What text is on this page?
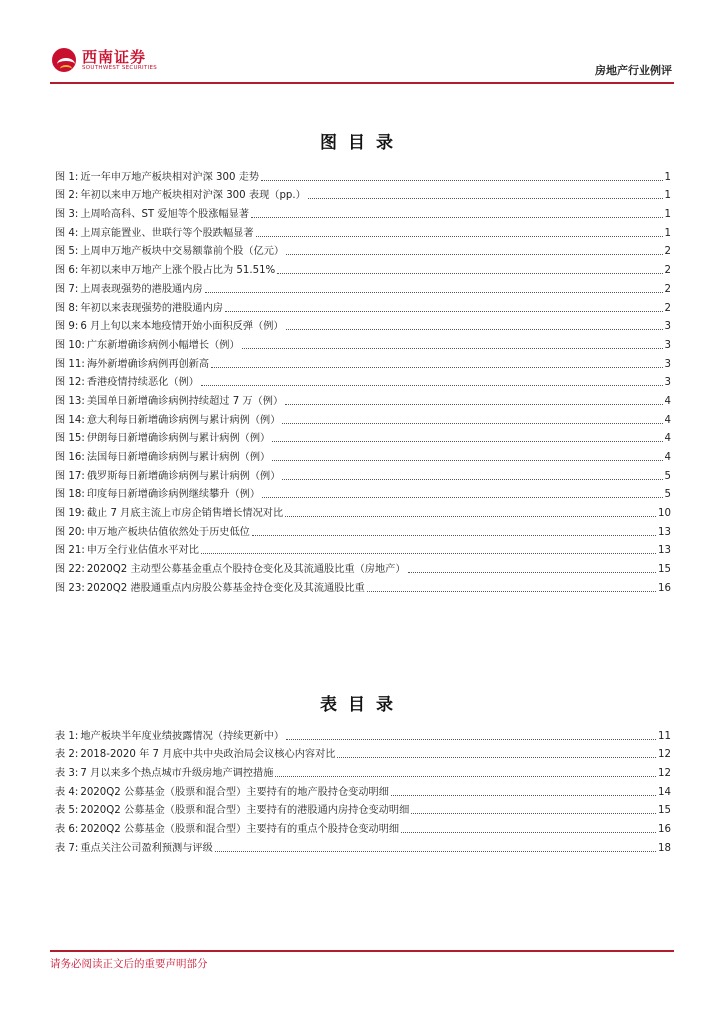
西南证券
SOUTHWEST SECURITIES	房地产行业例评
图目录
图 1: 近一年申万地产板块相对沪深 300 走势	1
图 2: 年初以来申万地产板块相对沪深 300 表现（pp.）	1
图 3: 上周哈高科、ST 爱旭等个股涨幅显著	1
图 4: 上周京能置业、世联行等个股跌幅显著	1
图 5: 上周申万地产板块中交易额靠前个股（亿元）	2
图 6: 年初以来申万地产上涨个股占比为 51.51%	2
图 7: 上周表现强势的港股通内房	2
图 8: 年初以来表现强势的港股通内房	2
图 9: 6 月上旬以来本地疫情开始小面积反弹（例）	3
图 10: 广东新增确诊病例小幅增长（例）	3
图 11: 海外新增确诊病例再创新高	3
图 12: 香港疫情持续恶化（例）	3
图 13: 美国单日新增确诊病例持续超过 7 万（例）	4
图 14: 意大利每日新增确诊病例与累计病例（例）	4
图 15: 伊朗每日新增确诊病例与累计病例（例）	4
图 16: 法国每日新增确诊病例与累计病例（例）	4
图 17: 俄罗斯每日新增确诊病例与累计病例（例）	5
图 18: 印度每日新增确诊病例继续攀升（例）	5
图 19: 截止 7 月底主流上市房企销售增长情况对比	10
图 20: 申万地产板块估值依然处于历史低位	13
图 21: 申万全行业估值水平对比	13
图 22: 2020Q2 主动型公募基金重点个股持仓变化及其流通股比重（房地产）	15
图 23: 2020Q2 港股通重点内房股公募基金持仓变化及其流通股比重	16
表目录
表 1: 地产板块半年度业绩披露情况（持续更新中）	11
表 2: 2018-2020 年 7 月底中共中央政治局会议核心内容对比	12
表 3: 7 月以来多个热点城市升级房地产调控措施	12
表 4: 2020Q2 公募基金（股票和混合型）主要持有的地产股持仓变动明细	14
表 5: 2020Q2 公募基金（股票和混合型）主要持有的港股通内房持仓变动明细	15
表 6: 2020Q2 公募基金（股票和混合型）主要持有的重点个股持仓变动明细	16
表 7: 重点关注公司盈利预测与评级	18
请务必阅读正文后的重要声明部分
